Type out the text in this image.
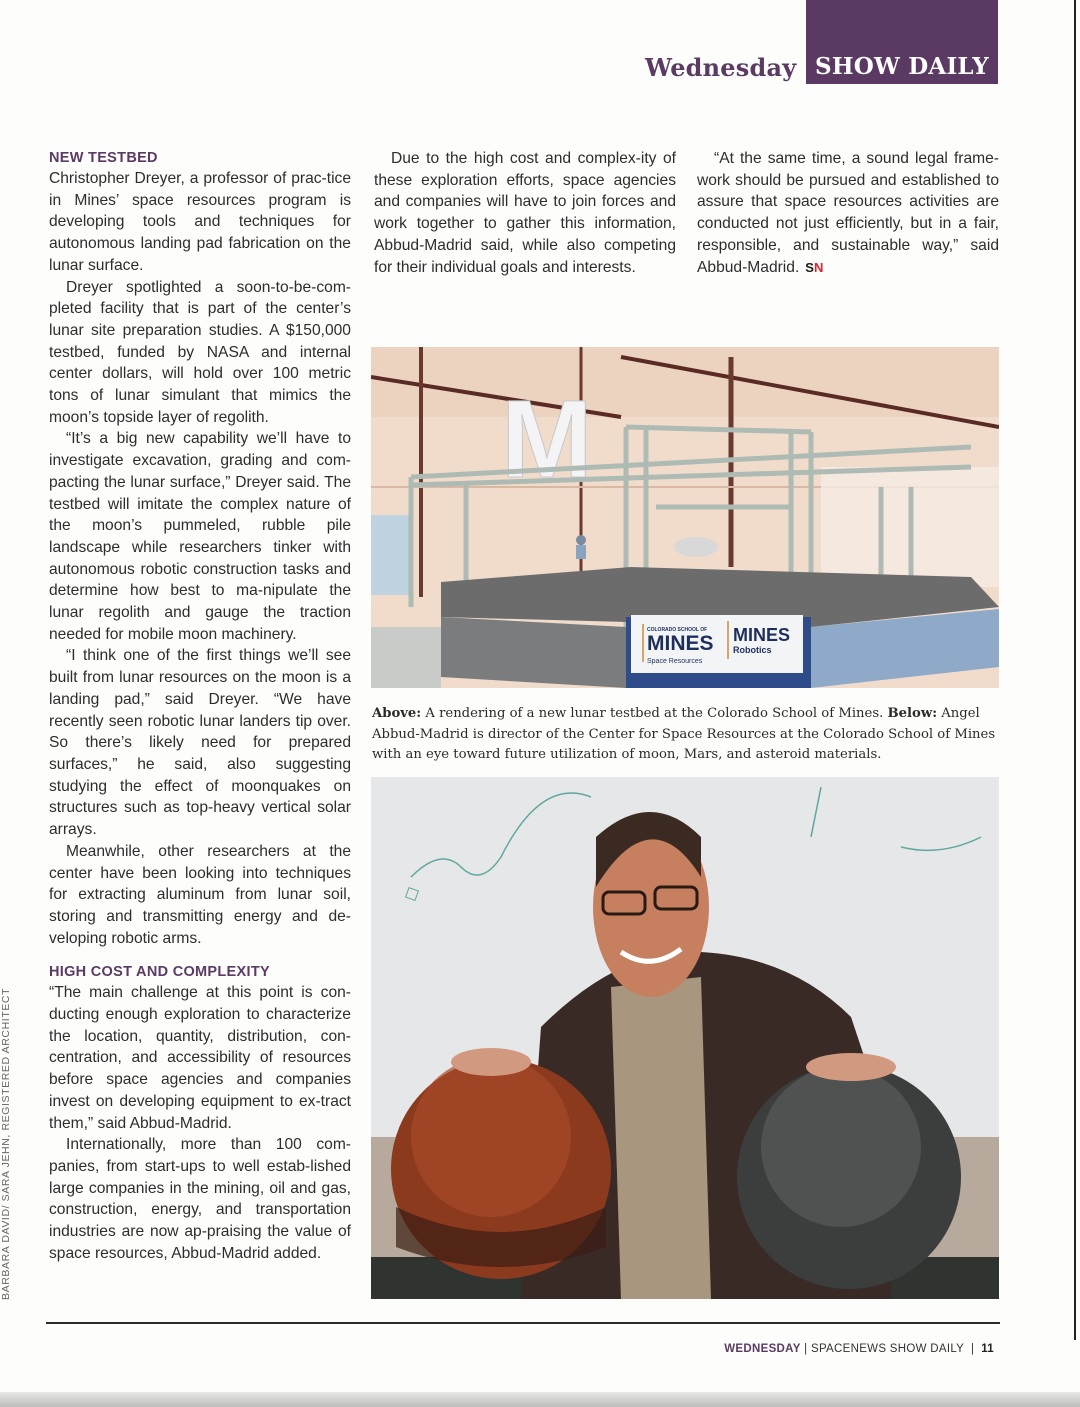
Wednesday SHOW DAILY
NEW TESTBED

Christopher Dreyer, a professor of prac-tice in Mines’ space resources program is developing tools and techniques for autonomous landing pad fabrication on the lunar surface.

Dreyer spotlighted a soon-to-be-com-pleted facility that is part of the center’s lunar site preparation studies. A $150,000 testbed, funded by NASA and internal center dollars, will hold over 100 metric tons of lunar simulant that mimics the moon’s topside layer of regolith.

“It’s a big new capability we’ll have to investigate excavation, grading and com-pacting the lunar surface,” Dreyer said. The testbed will imitate the complex nature of the moon’s pummeled, rubble pile landscape while researchers tinker with autonomous robotic construction tasks and determine how best to ma-nipulate the lunar regolith and gauge the traction needed for mobile moon machinery.

“I think one of the first things we’ll see built from lunar resources on the moon is a landing pad,” said Dreyer. “We have recently seen robotic lunar landers tip over. So there’s likely need for prepared surfaces,” he said, also suggesting studying the effect of moonquakes on structures such as top-heavy vertical solar arrays.

Meanwhile, other researchers at the center have been looking into techniques for extracting aluminum from lunar soil, storing and transmitting energy and de-veloping robotic arms.

HIGH COST AND COMPLEXITY

“The main challenge at this point is con-ducting enough exploration to characterize the location, quantity, distribution, con-centration, and accessibility of resources before space agencies and companies invest on developing equipment to ex-tract them,” said Abbud-Madrid.

Internationally, more than 100 com-panies, from start-ups to well estab-lished large companies in the mining, oil and gas, construction, energy, and transportation industries are now ap-praising the value of space resources, Abbud-Madrid added.

Due to the high cost and complex-ity of these exploration efforts, space agencies and companies will have to join forces and work together to gather this information, Abbud-Madrid said, while also competing for their individual goals and interests.

“At the same time, a sound legal frame-work should be pursued and established to assure that space resources activities are conducted not just efficiently, but in a fair, responsible, and sustainable way,” said Abbud-Madrid. SN

M
COLORADO SCHOOL OF
MINES
Space Resources
MINES
Robotics
Above: A rendering of a new lunar testbed at the Colorado School of Mines. Below: Angel Abbud-Madrid is director of the Center for Space Resources at the Colorado School of Mines with an eye toward future utilization of moon, Mars, and asteroid materials.
BARBARA DAVID/ SARA JEHN, REGISTERED ARCHITECT
WEDNESDAY | SPACENEWS SHOW DAILY  |  11
